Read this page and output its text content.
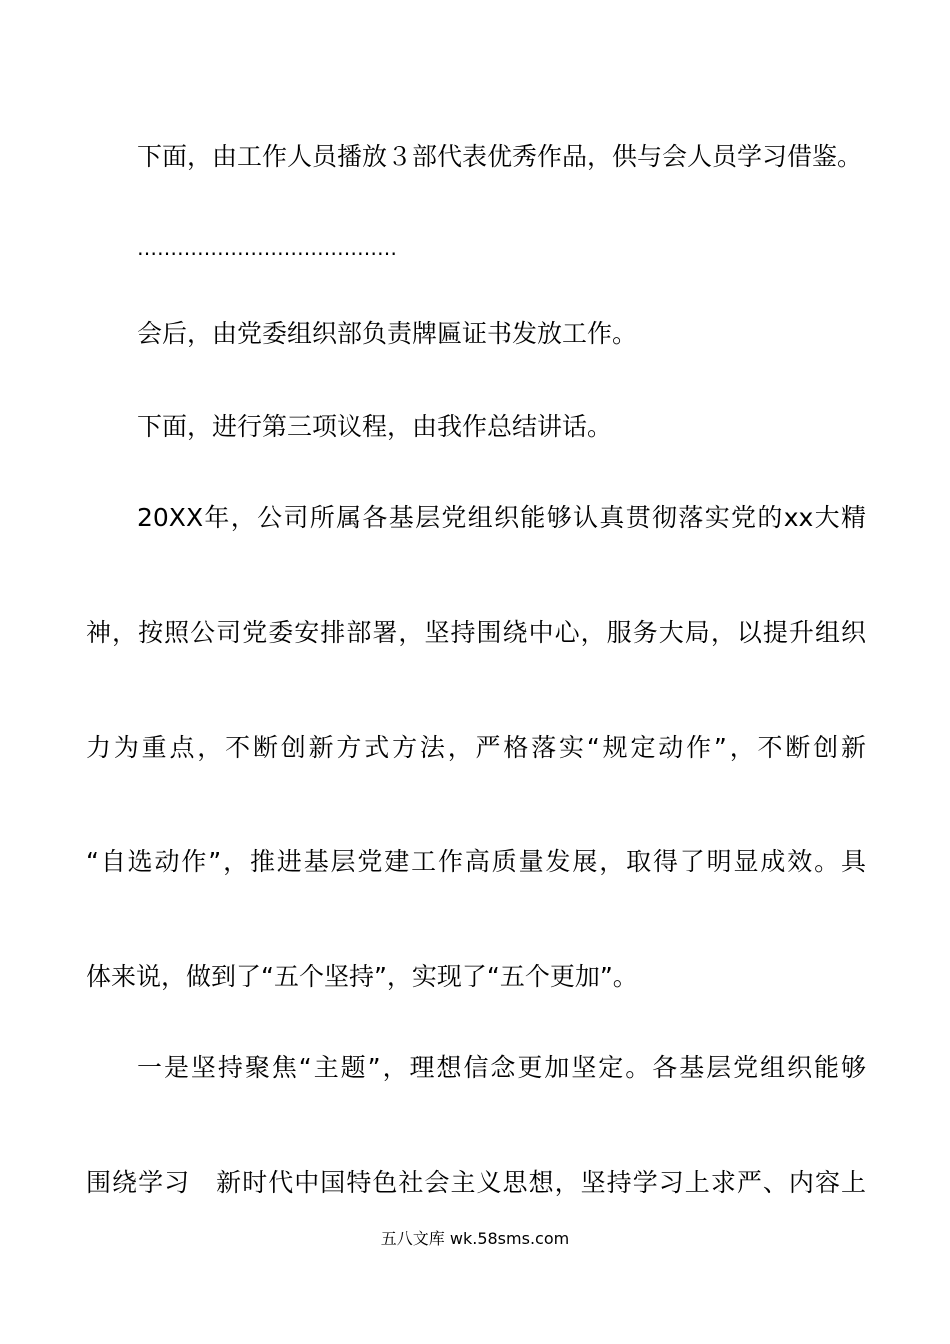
下面，由工作人员播放３部代表优秀作品，供与会人员学习借鉴。
…………………………………
会后，由党委组织部负责牌匾证书发放工作。
下面，进行第三项议程，由我作总结讲话。
20XX年，公司所属各基层党组织能够认真贯彻落实党的xx大精
神，按照公司党委安排部署，坚持围绕中心，服务大局，以提升组织
力为重点，不断创新方式方法，严格落实“规定动作”，不断创新
“自选动作”，推进基层党建工作高质量发展，取得了明显成效。具
体来说，做到了“五个坚持”，实现了“五个更加”。
一是坚持聚焦“主题”，理想信念更加坚定。各基层党组织能够
围绕学习　新时代中国特色社会主义思想，坚持学习上求严、内容上
五八文库 wk.58sms.com
